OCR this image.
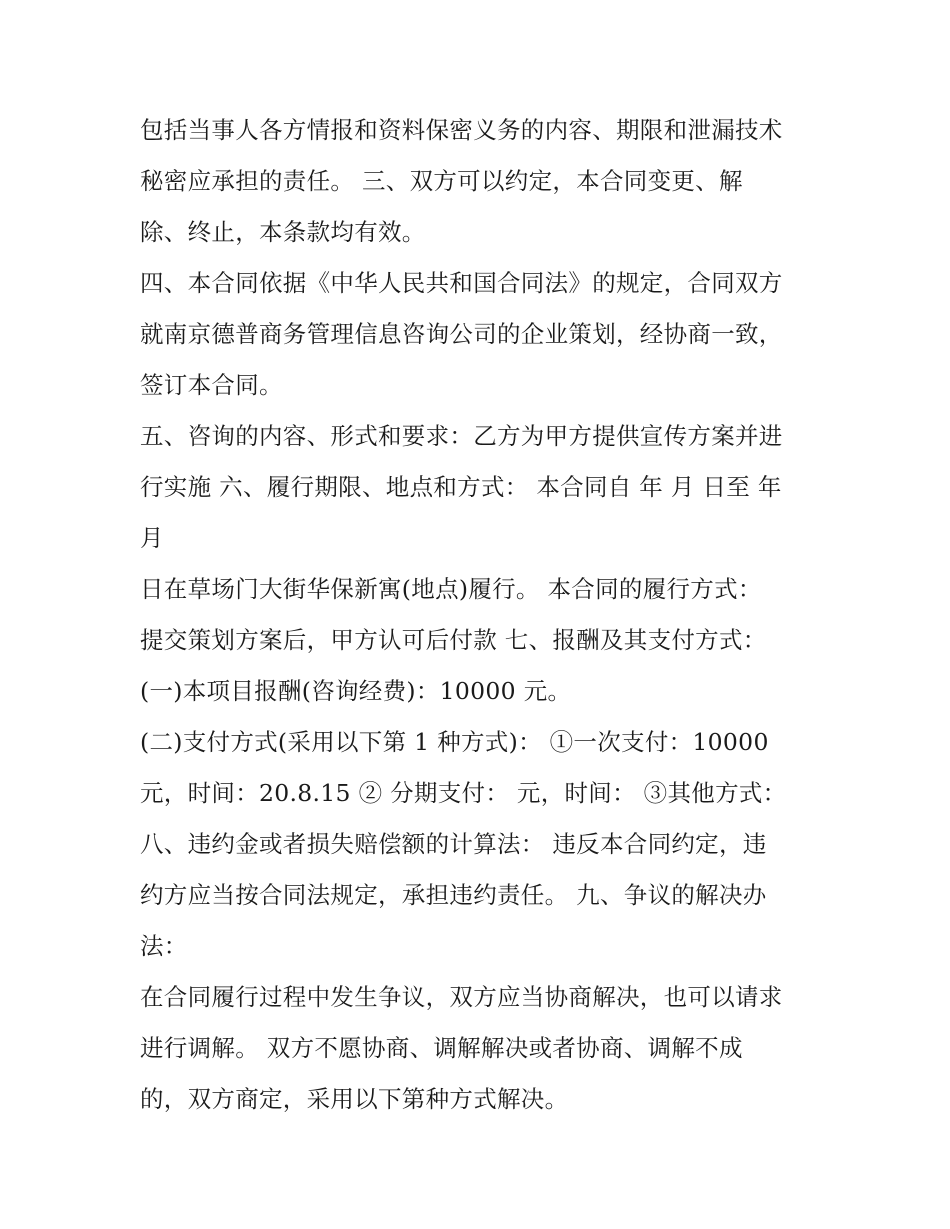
包括当事人各方情报和资料保密义务的内容、期限和泄漏技术
秘密应承担的责任。 三、双方可以约定，本合同变更、解
除、终止，本条款均有效。
四、本合同依据《中华人民共和国合同法》的规定，合同双方
就南京德普商务管理信息咨询公司的企业策划，经协商一致，
签订本合同。
五、咨询的内容、形式和要求：乙方为甲方提供宣传方案并进
行实施 六、履行期限、地点和方式： 本合同自 年 月 日至 年
月
日在草场门大街华保新寓(地点)履行。 本合同的履行方式：
提交策划方案后，甲方认可后付款 七、报酬及其支付方式：
(一)本项目报酬(咨询经费)：10000 元。
(二)支付方式(采用以下第 1 种方式)： ①一次支付：10000
元，时间：20.8.15 ② 分期支付： 元，时间： ③其他方式：
八、违约金或者损失赔偿额的计算法： 违反本合同约定，违
约方应当按合同法规定，承担违约责任。 九、争议的解决办
法：
在合同履行过程中发生争议，双方应当协商解决，也可以请求
进行调解。 双方不愿协商、调解解决或者协商、调解不成
的，双方商定，采用以下第种方式解决。
